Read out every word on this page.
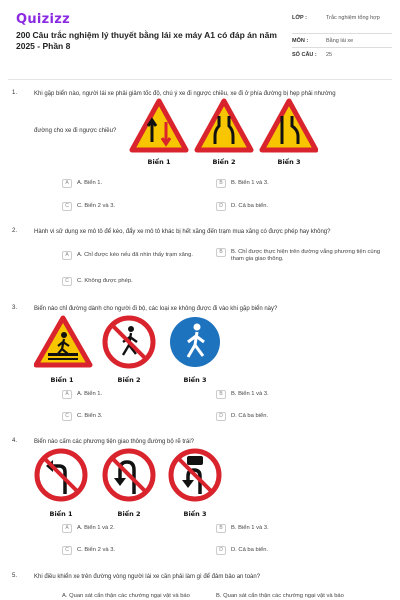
Quizizz
200 Câu trắc nghiệm lý thuyết bằng lái xe máy A1 có đáp án năm 2025 - Phần 8
LỚP :	Trắc nghiệm tổng hợp
MÔN :	Bằng lái xe
SỐ CÂU :	25
1.	Khi gặp biển nào, người lái xe phải giảm tốc độ, chú ý xe đi ngược chiều, xe đi ở phía đường bị hẹp phải nhường
đường cho xe đi ngược chiều?
Biển 1	Biển 2	Biển 3
A	A. Biển 1.	B	B. Biển 1 và 3.
C	C. Biển 2 và 3.	D	D. Cả ba biển.
2.	Hành vi sử dụng xe mô tô để kéo, đẩy xe mô tô khác bị hết xăng đến trạm mua xăng có được phép hay không?
A	A. Chỉ được kéo nếu đã nhìn thấy trạm xăng.	B	B. Chỉ được thực hiện trên đường vắng phương tiện cùng tham gia giao thông.
C	C. Không được phép.
3.	Biển nào chỉ đường dành cho người đi bộ, các loại xe không được đi vào khi gặp biển này?
Biển 1	Biển 2	Biển 3
A	A. Biển 1.	B	B. Biển 1 và 3.
C	C. Biển 3.	D	D. Cả ba biển.
4.	Biển nào cấm các phương tiện giao thông đường bộ rẽ trái?
Biển 1	Biển 2	Biển 3
A	A. Biển 1 và 2.	B	B. Biển 1 và 3.
C	C. Biển 2 và 3.	D	D. Cả ba biển.
5.	Khi điều khiển xe trên đường vòng người lái xe cần phải làm gì để đảm bảo an toàn?
A. Quan sát cẩn thận các chướng ngại vật và báo	B. Quan sát cẩn thận các chướng ngại vật và báo
